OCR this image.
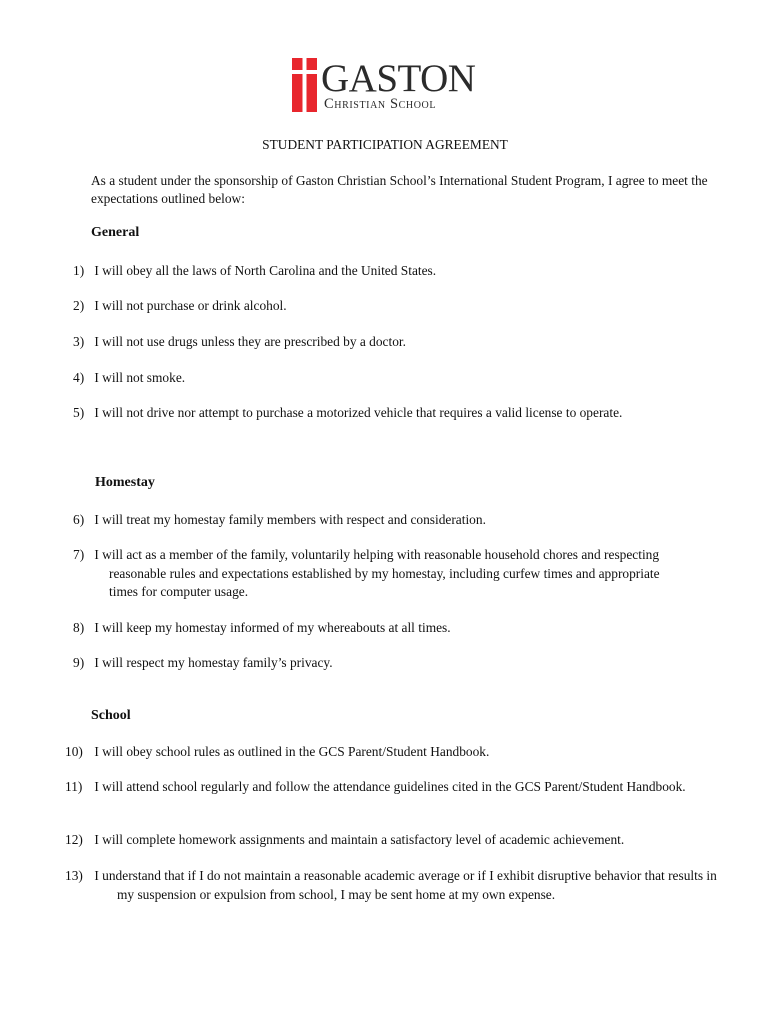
GASTON
Christian School
STUDENT PARTICIPATION AGREEMENT
As a student under the sponsorship of Gaston Christian School’s International Student Program, I agree to meet the expectations outlined below:
General
1) I will obey all the laws of North Carolina and the United States.
2) I will not purchase or drink alcohol.
3) I will not use drugs unless they are prescribed by a doctor.
4) I will not smoke.
5) I will not drive nor attempt to purchase a motorized vehicle that requires a valid license to operate.
Homestay
6) I will treat my homestay family members with respect and consideration.
7) I will act as a member of the family, voluntarily helping with reasonable household chores and respecting reasonable rules and expectations established by my homestay, including curfew times and appropriate times for computer usage.
8) I will keep my homestay informed of my whereabouts at all times.
9) I will respect my homestay family’s privacy.
School
10) I will obey school rules as outlined in the GCS Parent/Student Handbook.
11) I will attend school regularly and follow the attendance guidelines cited in the GCS Parent/Student Handbook.
12) I will complete homework assignments and maintain a satisfactory level of academic achievement.
13) I understand that if I do not maintain a reasonable academic average or if I exhibit disruptive behavior that results in my suspension or expulsion from school, I may be sent home at my own expense.
